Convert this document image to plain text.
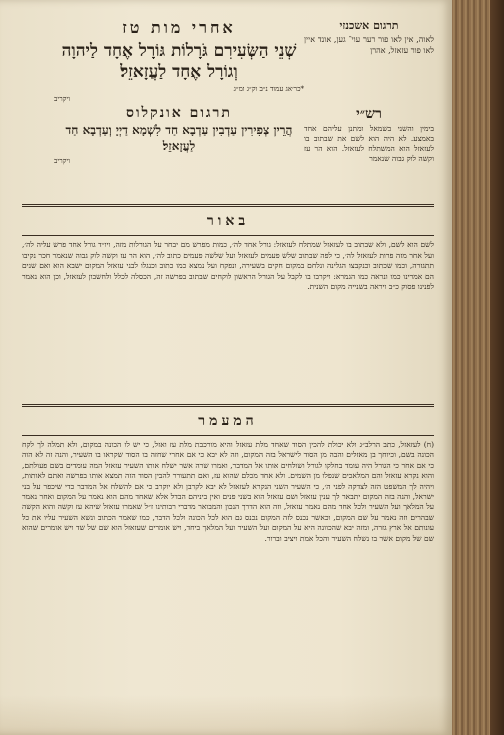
תרגום אשכנזי
לאוה, אין לאו פור רער עוי־ גען, אונד איין לאו פור עזאזל, אהרן
רש״י
בימין והשני בשמאל ומתנן עליהם אחד באמצע. לא היה הוא לשם את שבתוב בו לעזאזל הוא המשתלח לעזאזל. הוא הר עז וקשה לוק גבוה שנאמר
אחרי מות טז
שְׁנֵי הַשְּׂעִירִם גֹּרָלוֹת גּוֹרָל אֶחָד לַיהוָה וְגוֹרָל אֶחָד לַעֲזָאזֵל׃
*כר׳אג עמוד נ״ב וק״ג ומ״ג
ויקריב
תרגום אונקלוס
הֲרֵין צְפִירִין עַדְבִין עַדְבָא חַד לִשְׁמָא דַיְיָ וְעַדְבָא חַד לַעֲזָאזֵל׃
ויקריב
באור
לשם הוא לשם, ולא שבתוב בו לעזאזל שמתלח לעזאזל: גורל אחד לה׳, כמות מפרש מם יבחר על הגורלות מזה, ויו״ד גורל אחד פרש עליה לה׳, ועל אחר מזה פרות לעזאזל לה׳, כי לפה שבתוב שלש פעמים לעזאזל ועל שלשה פעמים כתוב לה׳, הוא הר עז וקשה לוק גבוה שנאמר חכר נקיבו תתגזרה, וכמו שכתוב וכנקבצו הגלינה ונלחם במקום חקים בשעירה, ונפקח ועל נמצא כמו כתוב וכנגלו לבני עזאזל המקום ישבא הוא ואם שנים הם אמרינו כמו ונראה כמו הגמרא: ויקרבו בו לקבל על הגורל הראשון לוקחים שבתוב בפרשה זה, הכסלה לכלל ולחשבון לעזאזל, וכן הוא נאמר לפנינו פסוק כ״ב ויראה בשנייה מקום השנית.
המעמר
(ח) לעזאזל, כתב הרלב״ג ולא יכולת להכין הסוד שאחד מלת עזאזל והיא מורכבת מלת עז ואזל, כי יש לו הכונה במקום, ולא תמלה לך לקח הכונה בשם, וכיוחך בן מאזלים והבה מן הסוד לישראל בזה המקום, וזה לא יבא כי אם אחרי שחזה בו הסוד שקראו בו השעיר, והנה זה לא הוה כי אם אחר כי הגורל היה עומד בחלקו לגורל ושולחים אותו אל המדבר, ואמרו שרה אשר ישלח אותו השעיר עזאזל המה עומדים בשם פעולתם, והוא נקרא עזאזל והם המלאכים שנפלו מן השמים. ולא אחד מכלם שהוא עז, ואם תתעורר להבין הסוד הזה תמצא אותו בפרשה ואתם לאותות, ויהיה לך המשפט הזה לצדקה לפני ה׳, כי השעיר השני הנקרא לעזאזל לא יבא לקרבן ולא יוקרב כי אם להשלח אל המדבר כדי שיכפר על בני ישראל, והנה בזה המקום יתבאר לך ענין עזאזל ושם עזאזל הוא בשני פנים ואין ביניהם הבדל אלא שאחד מהם הוא נאמר על המקום ואחר נאמר על המלאך ועל השעיר ולכל אחד מהם נאמר עזאזל, וזה הוא הדרך הנכון והמבואר מדברי רבותינו ז״ל שאמרו עזאזל שיהא עז וקשה והוא הקשה שבהרים וזה נאמר על שם המקום, וכאשר נכנס לזה המקום נכנס גם הוא לכל הכונה ולכל הדבר, כמו שאמר הכתוב ונשא השעיר עליו את כל עונותם אל ארץ גזרה, ומזה יבא שהכוונה היא על המקום ועל השעיר ועל המלאך ביחד, ויש אומרים שעזאזל הוא שם של שד ויש אומרים שהוא שם של מקום אשר בו נשלח השעיר והכל אמת ויציב וברור.
